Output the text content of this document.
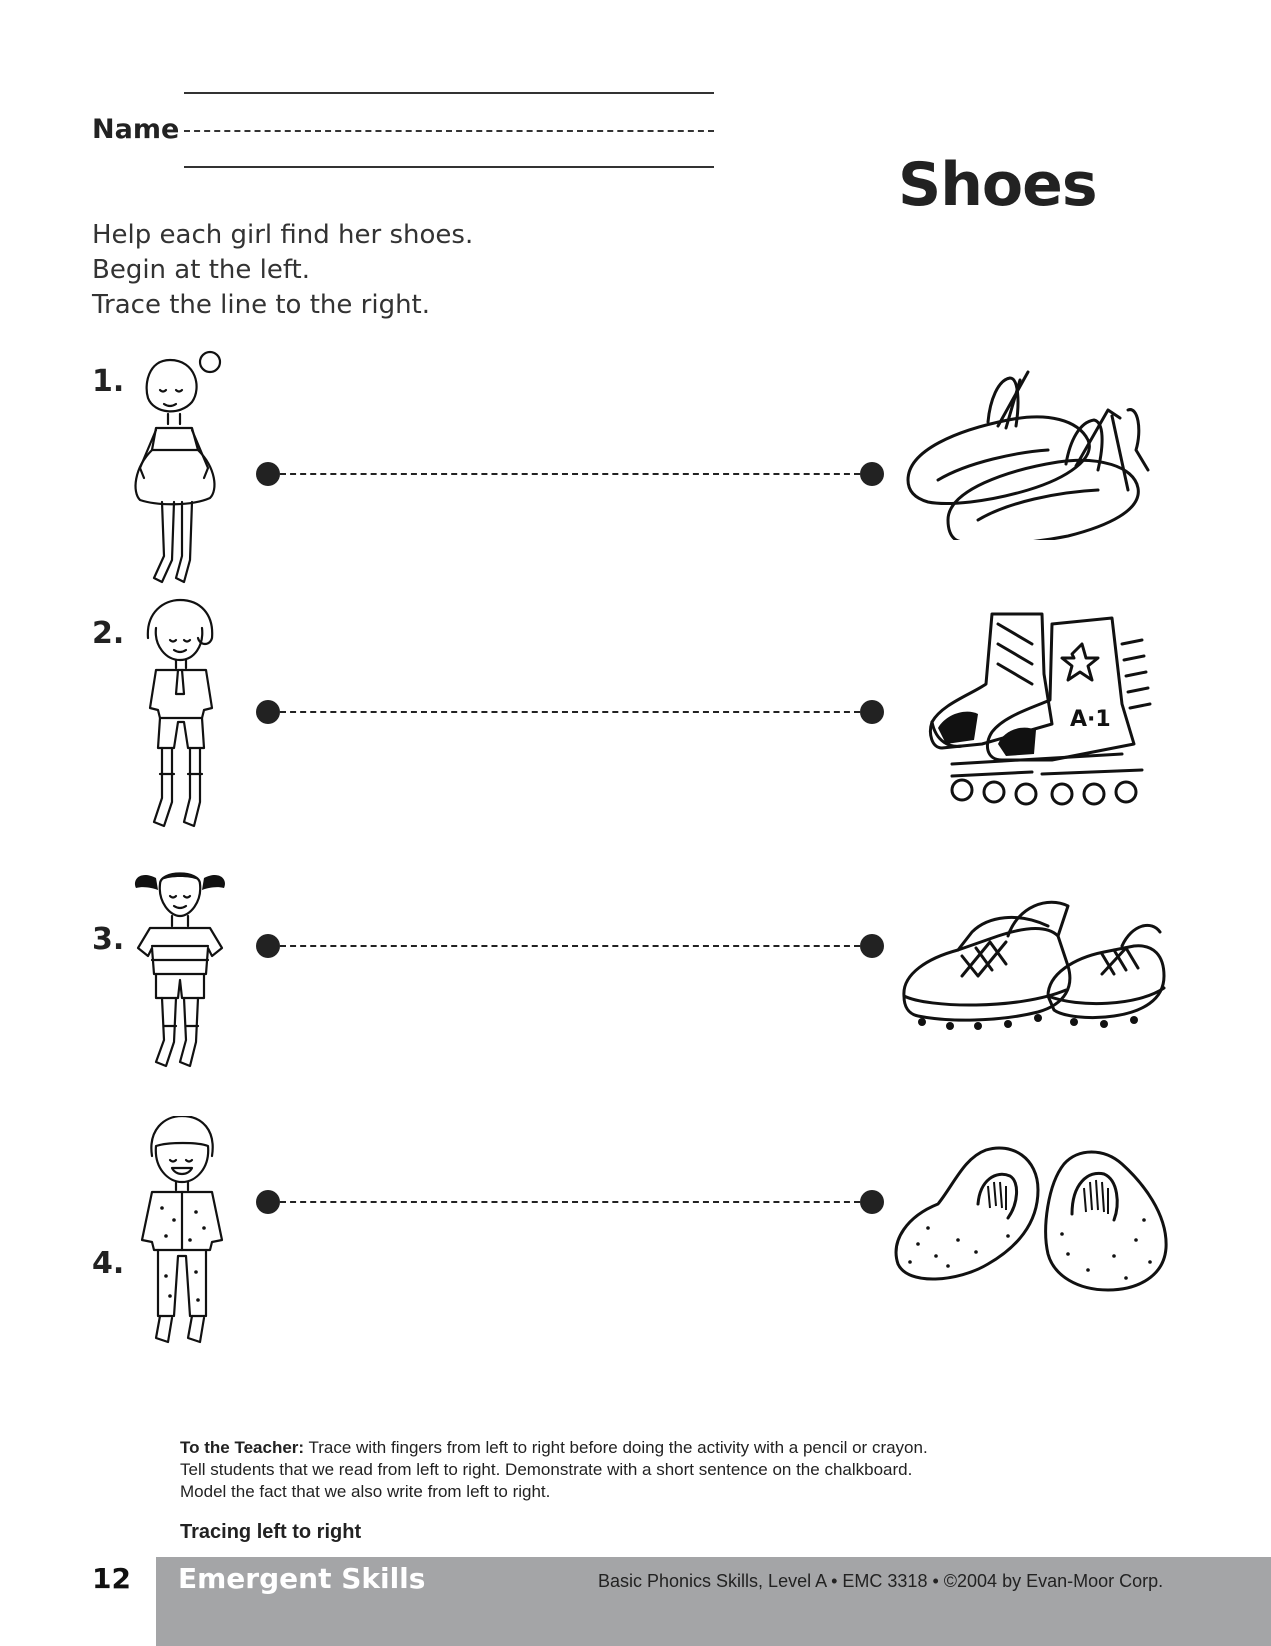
Name
Shoes
Help each girl find her shoes.
Begin at the left.
Trace the line to the right.
1.
2.
A·1
3.
4.
To the Teacher: Trace with fingers from left to right before doing the activity with a pencil or crayon.
Tell students that we read from left to right. Demonstrate with a short sentence on the chalkboard.
Model the fact that we also write from left to right.
Tracing left to right
12 Emergent Skills	Basic Phonics Skills, Level A • EMC 3318 • ©2004 by Evan-Moor Corp.
